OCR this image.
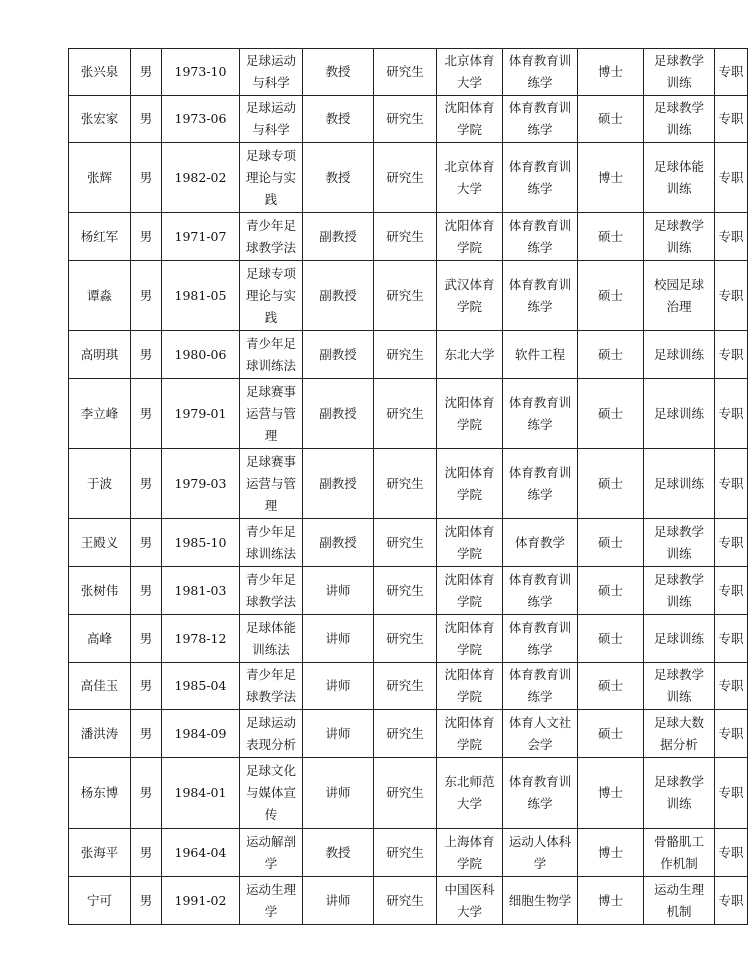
张兴泉	男	1973-10	足球运动与科学	教授	研究生	北京体育大学	体育教育训练学	博士	足球教学训练	专职
张宏家	男	1973-06	足球运动与科学	教授	研究生	沈阳体育学院	体育教育训练学	硕士	足球教学训练	专职
张辉	男	1982-02	足球专项理论与实践	教授	研究生	北京体育大学	体育教育训练学	博士	足球体能训练	专职
杨红军	男	1971-07	青少年足球教学法	副教授	研究生	沈阳体育学院	体育教育训练学	硕士	足球教学训练	专职
谭淼	男	1981-05	足球专项理论与实践	副教授	研究生	武汉体育学院	体育教育训练学	硕士	校园足球治理	专职
高明琪	男	1980-06	青少年足球训练法	副教授	研究生	东北大学	软件工程	硕士	足球训练	专职
李立峰	男	1979-01	足球赛事运营与管理	副教授	研究生	沈阳体育学院	体育教育训练学	硕士	足球训练	专职
于波	男	1979-03	足球赛事运营与管理	副教授	研究生	沈阳体育学院	体育教育训练学	硕士	足球训练	专职
王殿义	男	1985-10	青少年足球训练法	副教授	研究生	沈阳体育学院	体育教学	硕士	足球教学训练	专职
张树伟	男	1981-03	青少年足球教学法	讲师	研究生	沈阳体育学院	体育教育训练学	硕士	足球教学训练	专职
高峰	男	1978-12	足球体能训练法	讲师	研究生	沈阳体育学院	体育教育训练学	硕士	足球训练	专职
高佳玉	男	1985-04	青少年足球教学法	讲师	研究生	沈阳体育学院	体育教育训练学	硕士	足球教学训练	专职
潘洪涛	男	1984-09	足球运动表现分析	讲师	研究生	沈阳体育学院	体育人文社会学	硕士	足球大数据分析	专职
杨东博	男	1984-01	足球文化与媒体宣传	讲师	研究生	东北师范大学	体育教育训练学	博士	足球教学训练	专职
张海平	男	1964-04	运动解剖学	教授	研究生	上海体育学院	运动人体科学	博士	骨骼肌工作机制	专职
宁可	男	1991-02	运动生理学	讲师	研究生	中国医科大学	细胞生物学	博士	运动生理机制	专职
